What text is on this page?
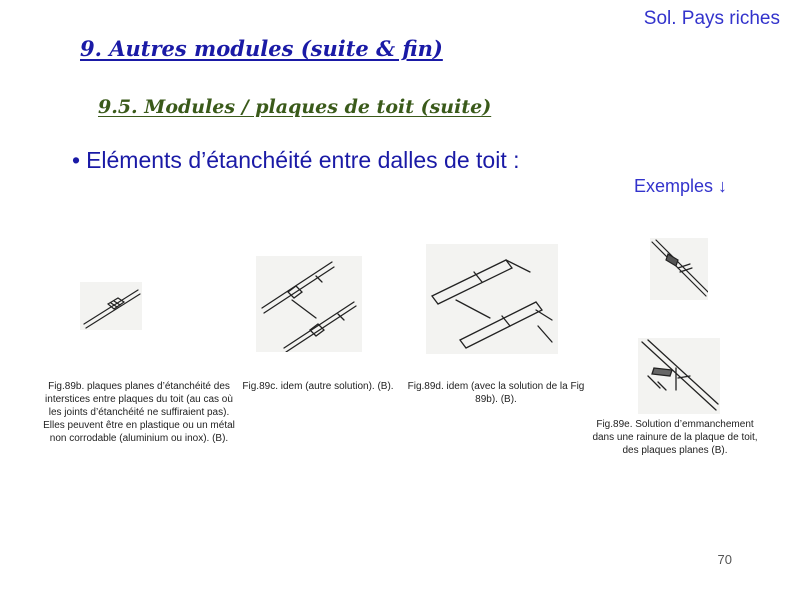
Sol. Pays riches
9. Autres modules (suite & fin)
9.5. Modules / plaques de toit (suite)
• Eléments d’étanchéité entre dalles de toit :
Exemples ↓
Fig.89b. plaques planes d’étanchéité des interstices entre plaques du toit (au cas où les joints d’étanchéité ne suffiraient pas). Elles peuvent être en plastique ou un métal non corrodable (aluminium ou inox). (B).
Fig.89c. idem (autre solution). (B).	Fig.89d. idem (avec la solution de la Fig 89b). (B).
Fig.89e. Solution d’emmanchement dans une rainure de la plaque de toit, des plaques planes (B).
70
